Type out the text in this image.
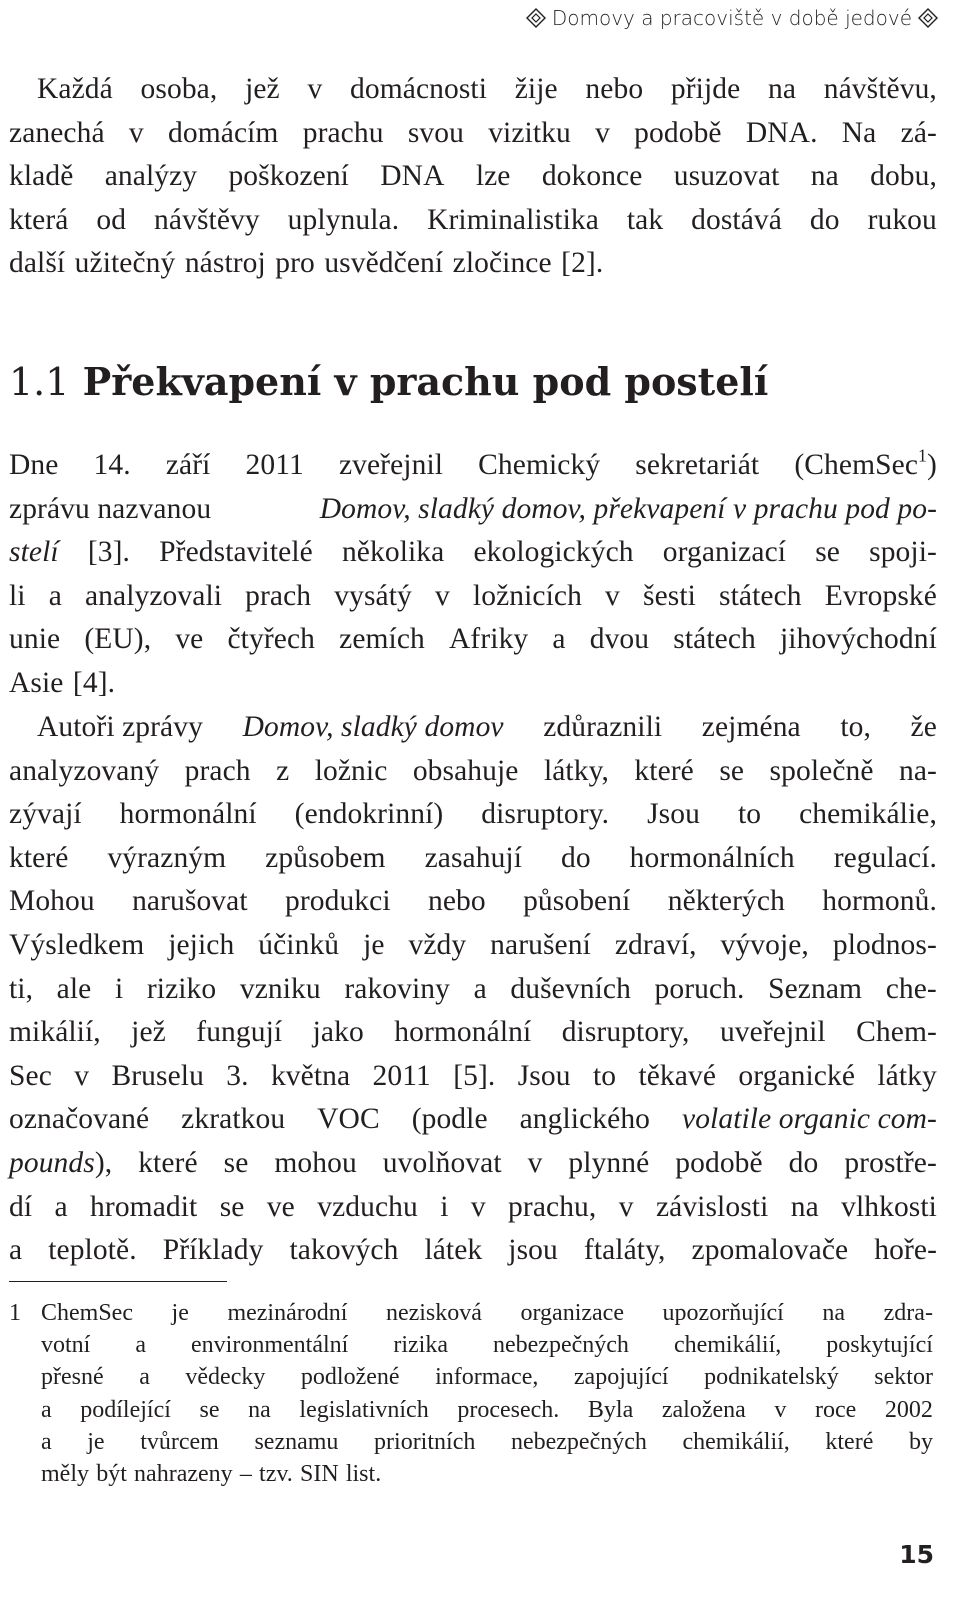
Domovy a pracoviště v době jedové
Každá osoba, jež v domácnosti žije nebo přijde na návštěvu,
zanechá v domácím prachu svou vizitku v podobě DNA. Na zá-
kladě analýzy poškození DNA lze dokonce usuzovat na dobu,
která od návštěvy uplynula. Kriminalistika tak dostává do rukou
další užitečný nástroj pro usvědčení zločince [2].
1.1 Překvapení v prachu pod postelí
Dne 14. září 2011 zveřejnil Chemický sekretariát (ChemSec$^1$)
zprávu nazvanou	Domov, sladký domov, překvapení v prachu pod po-
stelí [3]. Představitelé několika ekologických organizací se spoji-
li a analyzovali prach vysátý v ložnicích v šesti státech Evropské
unie (EU), ve čtyřech zemích Afriky a dvou státech jihovýchodní
Asie [4].
Autoři zprávy Domov, sladký domov zdůraznili zejména to, že
analyzovaný prach z ložnic obsahuje látky, které se společně na-
zývají hormonální (endokrinní) disruptory. Jsou to chemikálie,
které výrazným způsobem zasahují do hormonálních regulací.
Mohou narušovat produkci nebo působení některých hormonů.
Výsledkem jejich účinků je vždy narušení zdraví, vývoje, plodnos-
ti, ale i riziko vzniku rakoviny a duševních poruch. Seznam che-
mikálií, jež fungují jako hormonální disruptory, uveřejnil Chem-
Sec v Bruselu 3. května 2011 [5]. Jsou to těkavé organické látky
označované zkratkou VOC (podle anglického volatile organic com-
pounds), které se mohou uvolňovat v plynné podobě do prostře-
dí a hromadit se ve vzduchu i v prachu, v závislosti na vlhkosti
a teplotě. Příklady takových látek jsou ftaláty, zpomalovače hoře-
1 ChemSec je mezinárodní nezisková organizace upozorňující na zdra-
votní a environmentální rizika nebezpečných chemikálií, poskytující
přesné a vědecky podložené informace, zapojující podnikatelský sektor
a podílející se na legislativních procesech. Byla založena v roce 2002
a je tvůrcem seznamu prioritních nebezpečných chemikálií, které by
měly být nahrazeny – tzv. SIN list.
15
